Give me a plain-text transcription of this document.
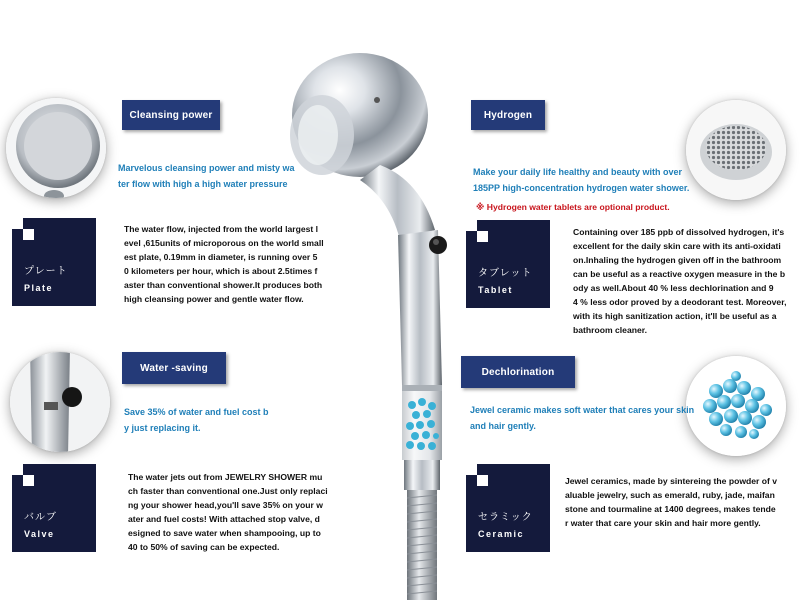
Cleansing power
Marvelous cleansing power and misty wa
ter flow with high a high water pressure
プレート
Plate
The water flow, injected from the world largest l
evel ,615units of microporous on the world small
est plate, 0.19mm in diameter, is running over 5
0 kilometers per hour, which is about 2.5times f
aster than conventional shower.It produces both
high cleansing power and gentle water flow.
Water -saving
Save 35% of water and fuel cost b
y just replacing it.
バルブ
Valve
The water jets out from JEWELRY SHOWER mu
ch faster than conventional one.Just only replaci
ng your shower head,you'll save 35% on your w
ater and fuel costs! With attached stop valve, d
esigned to save water when shampooing, up to
40 to 50% of saving can be expected.
Hydrogen
Make your daily life healthy and beauty with over
185PP high-concentration hydrogen water shower.
※ Hydrogen water tablets are optional product.
タブレット
Tablet
Containing over 185 ppb of dissolved hydrogen, it's
excellent for the daily skin care with its anti-oxidati
on.Inhaling the hydrogen given off in the bathroom
can be useful as a reactive oxygen measure in the b
ody as well.About 40 % less dechlorination and 9
4 % less odor proved by a deodorant test. Moreover,
with its high sanitization action, it'll be useful as a
bathroom cleaner.
Dechlorination
Jewel ceramic makes soft water that cares your skin
and hair gently.
セラミック
Ceramic
Jewel ceramics, made by sintereing the powder of v
aluable jewelry, such as emerald, ruby, jade, maifan
stone and tourmaline at 1400 degrees, makes tende
r water that care your skin and hair more gently.
